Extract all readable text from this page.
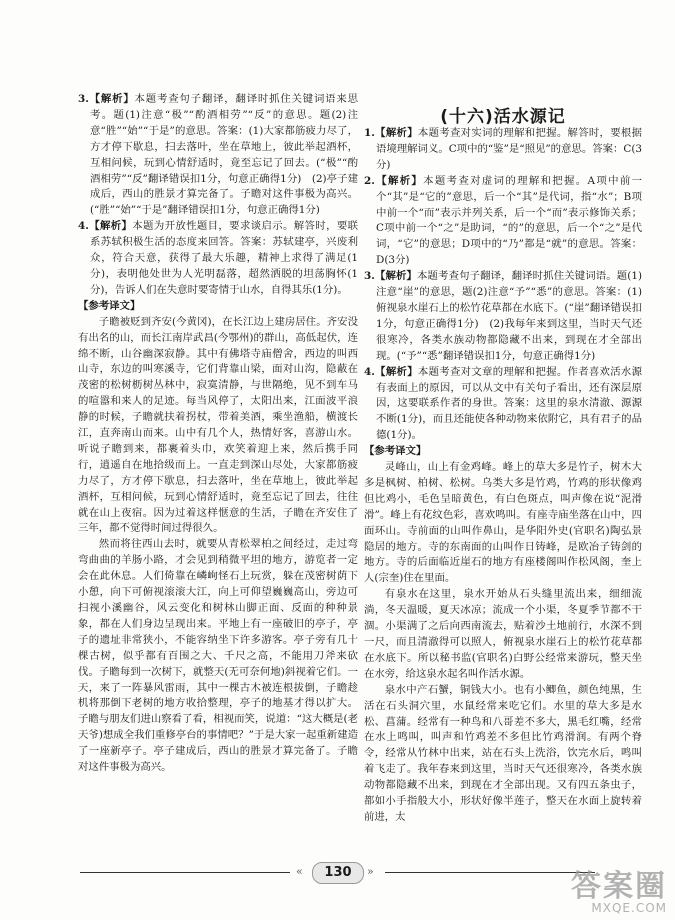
3.【解析】本题考查句子翻译，翻译时抓住关键词语来思考。题(1)注意“极”“酌酒相劳”“反”的意思。题(2)注意“胜”“始”“于是”的意思。答案：(1)大家都筋疲力尽了，方才停下歇息，扫去落叶，坐在草地上，彼此举起酒杯，互相问候，玩到心情舒适时，竟至忘记了回去。(“极”“酌酒相劳”“反”翻译错误扣1分，句意正确得1分)　(2)亭子建成后，西山的胜景才算完备了。子瞻对这件事极为高兴。(“胜”“始”“于是”翻译错误扣1分，句意正确得1分)

4.【解析】本题为开放性题目，要求谈启示。解答时，要联系苏轼积极生活的态度来回答。答案：苏轼建亭，兴废利众，符合天意，获得了最大乐趣，精神上求得了满足(1分)，表明他处世为人光明磊落，超然洒脱的坦荡胸怀(1分)，告诉人们在失意时要寄情于山水，自得其乐(1分)。

【参考译文】

子瞻被贬到齐安(今黄冈)，在长江边上建房居住。齐安没有出名的山，而长江南岸武昌(今鄂州)的群山，高低起伏，连绵不断，山谷幽深寂静。其中有佛塔寺庙僧舍，西边的叫西山寺，东边的叫寒溪寺，它们背靠山梁，面对山沟，隐蔽在茂密的松树枥树丛林中，寂寞清静，与世隔绝，见不到车马的喧嚣和来人的足迹。每当风停了，太阳出来，江面波平浪静的时候，子瞻就扶着拐杖，带着美酒，乘坐渔船，横渡长江，直奔南山而来。山中有几个人，热情好客，喜游山水。听说子瞻到来，都裹着头巾，欢笑着迎上来，然后携手同行，逍遥自在地拾级而上。一直走到深山尽处，大家都筋疲力尽了，方才停下歇息，扫去落叶，坐在草地上，彼此举起酒杯，互相问候，玩到心情舒适时，竟至忘记了回去，往往就在山上夜宿。因为过着这样惬意的生活，子瞻在齐安住了三年，都不觉得时间过得很久。

然而将往西山去时，就要从青松翠柏之间经过，走过弯弯曲曲的羊肠小路，才会见到稍微平坦的地方，游览者一定会在此休息。人们倚靠在嶙峋怪石上玩赏，躲在茂密树荫下小憩，向下可俯视滚滚大江，向上可仰望巍巍高山，旁边可扫视小溪幽谷，风云变化和树林山脚正面、反面的种种景象，都在人们身边呈现出来。平地上有一座破旧的亭子，亭子的遗址非常狭小，不能容纳坐下许多游客。亭子旁有几十棵古树，似乎都有百围之大、千尺之高，不能用刀斧来砍伐。子瞻每到一次树下，就整天(无可奈何地)斜视着它们。一天，来了一阵暴风雷雨，其中一棵古木被连根拔倒，子瞻趁机将那倒下老树的地方收拾整理，亭子的地基才得以扩大。子瞻与朋友们进山察看了看，相视而笑，说道：“这大概是(老天爷)想成全我们重修亭台的事情吧？”于是大家一起重新建造了一座新亭子。亭子建成后，西山的胜景才算完备了。子瞻对这件事极为高兴。

(十六)活水源记

1.【解析】本题考查对实词的理解和把握。解答时，要根据语境理解词义。C项中的“鉴”是“照见”的意思。答案：C(3分)

2.【解析】本题考查对虚词的理解和把握。A项中前一个“其”是“它的”意思，后一个“其”是代词，指“水”；B项中前一个“而”表示并列关系，后一个“而”表示修饰关系；C项中前一个“之”是助词，“的”的意思，后一个“之”是代词，“它”的意思；D项中的“乃”都是“就”的意思。答案：D(3分)

3.【解析】本题考查句子翻译，翻译时抓住关键词语。题(1)注意“崖”的意思，题(2)注意“予”“悉”的意思。答案：(1)俯视泉水崖石上的松竹花草都在水底下。(“崖”翻译错误扣1分，句意正确得1分)　(2)我每年来到这里，当时天气还很寒冷，各类水族动物都隐藏不出来，到现在才全部出现。(“予”“悉”翻译错误扣1分，句意正确得1分)

4.【解析】本题考查对文章的理解和把握。作者喜欢活水源有表面上的原因，可以从文中有关句子看出，还有深层原因，这要联系作者的身世。答案：这里的泉水清澈、源源不断(1分)，而且还能使各种动物来依附它，具有君子的品德(1分)。

【参考译文】

灵峰山，山上有金鸡峰。峰上的草大多是竹子，树木大多是枫树、柏树、松树。乌类大多是竹鸡，竹鸡的形状像鸡但比鸡小，毛色呈暗黄色，有白色斑点，叫声像在说“泥滑滑”。峰上有花纹色彩，喜欢鸣叫。有座寺庙坐落在山中，四面环山。寺前面的山叫作鼻山，是华阳外史(官职名)陶弘景隐居的地方。寺的东南面的山叫作日铸峰，是欧冶子铸剑的地方。寺的后面临近崖石的地方有座楼阁叫作松风阁，奎上人(宗奎)住在里面。

有泉水在这里，泉水开始从石头缝里流出来，细细流淌，冬天温暖，夏天冰凉；流成一个小渠，冬夏季节都不干涸。小渠满了之后向西南流去，贴着沙土地前行，水深不到一尺，而且清澈得可以照人，俯视泉水崖石上的松竹花草都在水底下。所以秘书监(官职名)白野公经常来游玩，整天坐在水旁，给这泉水起名叫作活水源。

泉水中产石蟹，铜钱大小。也有小鲫鱼，颜色纯黑，生活在石头洞穴里，水鼠经常来吃它们。水里的草大多是水松、菖蒲。经常有一种鸟和八哥差不多大，黑毛红嘴，经常在水上鸣叫，叫声和竹鸡差不多但比竹鸡滑润。有两个脊令，经常从竹林中出来，站在石头上洗浴，饮完水后，鸣叫着飞走了。我年春来到这里，当时天气还很寒冷，各类水族动物都隐藏不出来，到现在才全部出现。又有四五条虫子，都如小手指般大小，形状好像半莲子，整天在水面上旋转着前进，太

«	130	»	答案圈
MXQE.COM
